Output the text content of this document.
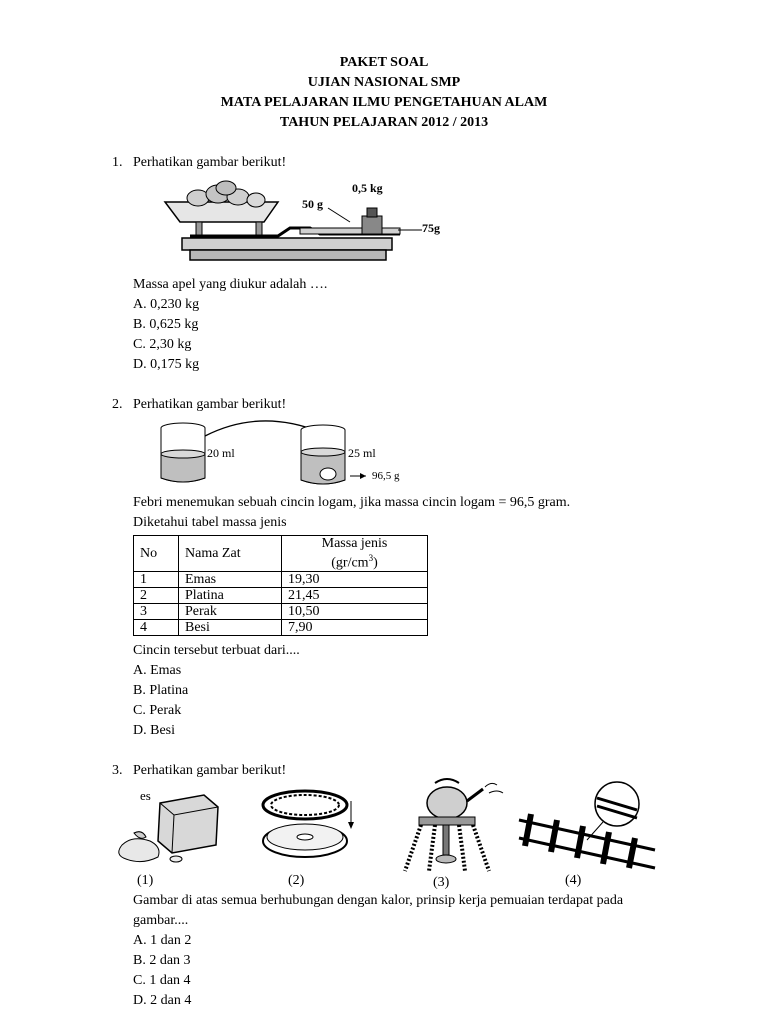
PAKET SOAL
UJIAN NASIONAL SMP
MATA PELAJARAN ILMU PENGETAHUAN ALAM
TAHUN PELAJARAN 2012 / 2013
1. Perhatikan gambar berikut!
0,5 kg
50 g
75g
Massa apel yang diukur adalah ….
A. 0,230 kg
B. 0,625 kg
C. 2,30 kg
D. 0,175 kg
2. Perhatikan gambar berikut!
20 ml	25 ml
96,5 g
Febri menemukan sebuah cincin logam, jika massa cincin logam = 96,5 gram.
Diketahui tabel massa jenis
No	Nama Zat	Massa jenis
$(gr/cm^3)$
1	Emas	19,30
2	Platina	21,45
3	Perak	10,50
4	Besi	7,90
Cincin tersebut terbuat dari....
A. Emas
B. Platina
C. Perak
D. Besi
3. Perhatikan gambar berikut!
es
(1)	(2)	(3)	(4)
Gambar di atas semua berhubungan dengan kalor, prinsip kerja pemuaian terdapat pada
gambar....
A. 1 dan 2
B. 2 dan 3
C. 1 dan 4
D. 2 dan 4
